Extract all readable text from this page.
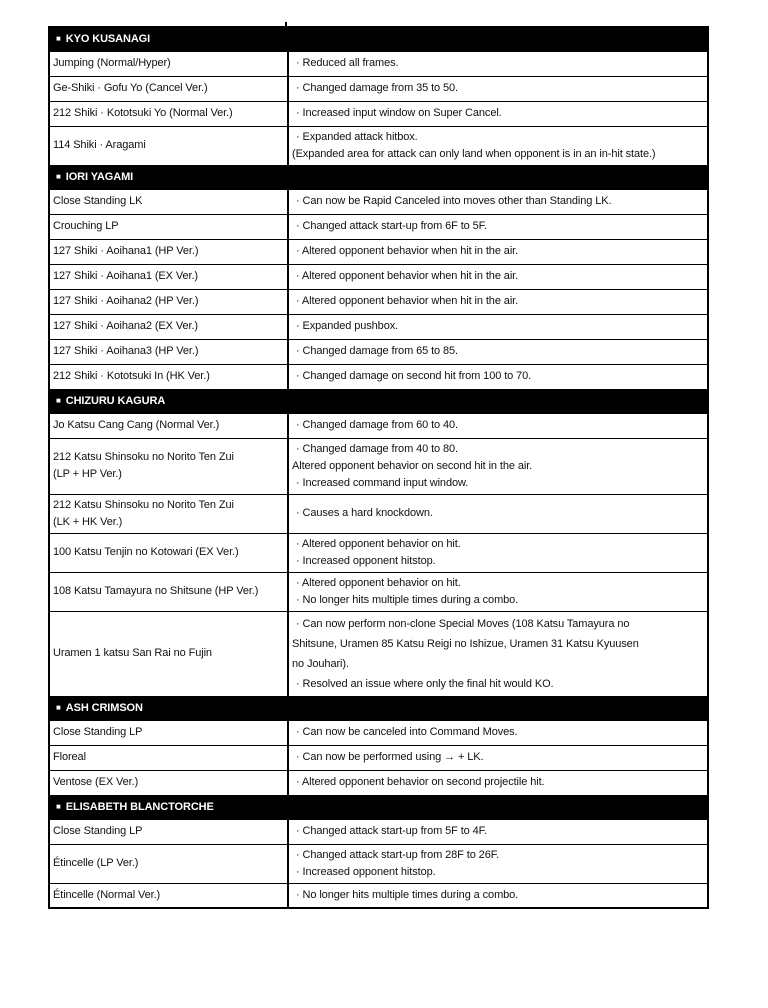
■ KYO KUSANAGI	

Jumping (Normal/Hyper)	· Reduced all frames.

Ge-Shiki · Gofu Yo (Cancel Ver.)	· Changed damage from 35 to 50.

212 Shiki · Kototsuki Yo (Normal Ver.)	· Increased input window on Super Cancel.

114 Shiki · Aragami	· Expanded attack hitbox.
(Expanded area for attack can only land when opponent is in an in-hit state.)

■ IORI YAGAMI	

Close Standing LK	· Can now be Rapid Canceled into moves other than Standing LK.

Crouching LP	· Changed attack start-up from 6F to 5F.

127 Shiki · Aoihana1 (HP Ver.)	· Altered opponent behavior when hit in the air.

127 Shiki · Aoihana1 (EX Ver.)	· Altered opponent behavior when hit in the air.

127 Shiki · Aoihana2 (HP Ver.)	· Altered opponent behavior when hit in the air.

127 Shiki · Aoihana2 (EX Ver.)	· Expanded pushbox.

127 Shiki · Aoihana3 (HP Ver.)	· Changed damage from 65 to 85.

212 Shiki · Kototsuki In (HK Ver.)	· Changed damage on second hit from 100 to 70.

■ CHIZURU KAGURA	

Jo Katsu Cang Cang (Normal Ver.)	· Changed damage from 60 to 40.

212 Katsu Shinsoku no Norito Ten Zui
(LP + HP Ver.)

· Changed damage from 40 to 80.
Altered opponent behavior on second hit in the air.
· Increased command input window.

212 Katsu Shinsoku no Norito Ten Zui
(LK + HK Ver.)	· Causes a hard knockdown.

100 Katsu Tenjin no Kotowari (EX Ver.)	· Altered opponent behavior on hit.
· Increased opponent hitstop.

108 Katsu Tamayura no Shitsune (HP Ver.)	· Altered opponent behavior on hit.
· No longer hits multiple times during a combo.

Uramen 1 katsu San Rai no Fujin	· Can now perform non-clone Special Moves (108 Katsu Tamayura no
Shitsune, Uramen 85 Katsu Reigi no Ishizue, Uramen 31 Katsu Kyuusen
no Jouhari).
· Resolved an issue where only the final hit would KO.

■ ASH CRIMSON	

Close Standing LP	· Can now be canceled into Command Moves.

Floreal	· Can now be performed using → + LK.

Ventose (EX Ver.)	· Altered opponent behavior on second projectile hit.

■ ELISABETH BLANCTORCHE	

Close Standing LP	· Changed attack start-up from 5F to 4F.

Étincelle (LP Ver.)	· Changed attack start-up from 28F to 26F.
· Increased opponent hitstop.

Étincelle (Normal Ver.)	· No longer hits multiple times during a combo.
